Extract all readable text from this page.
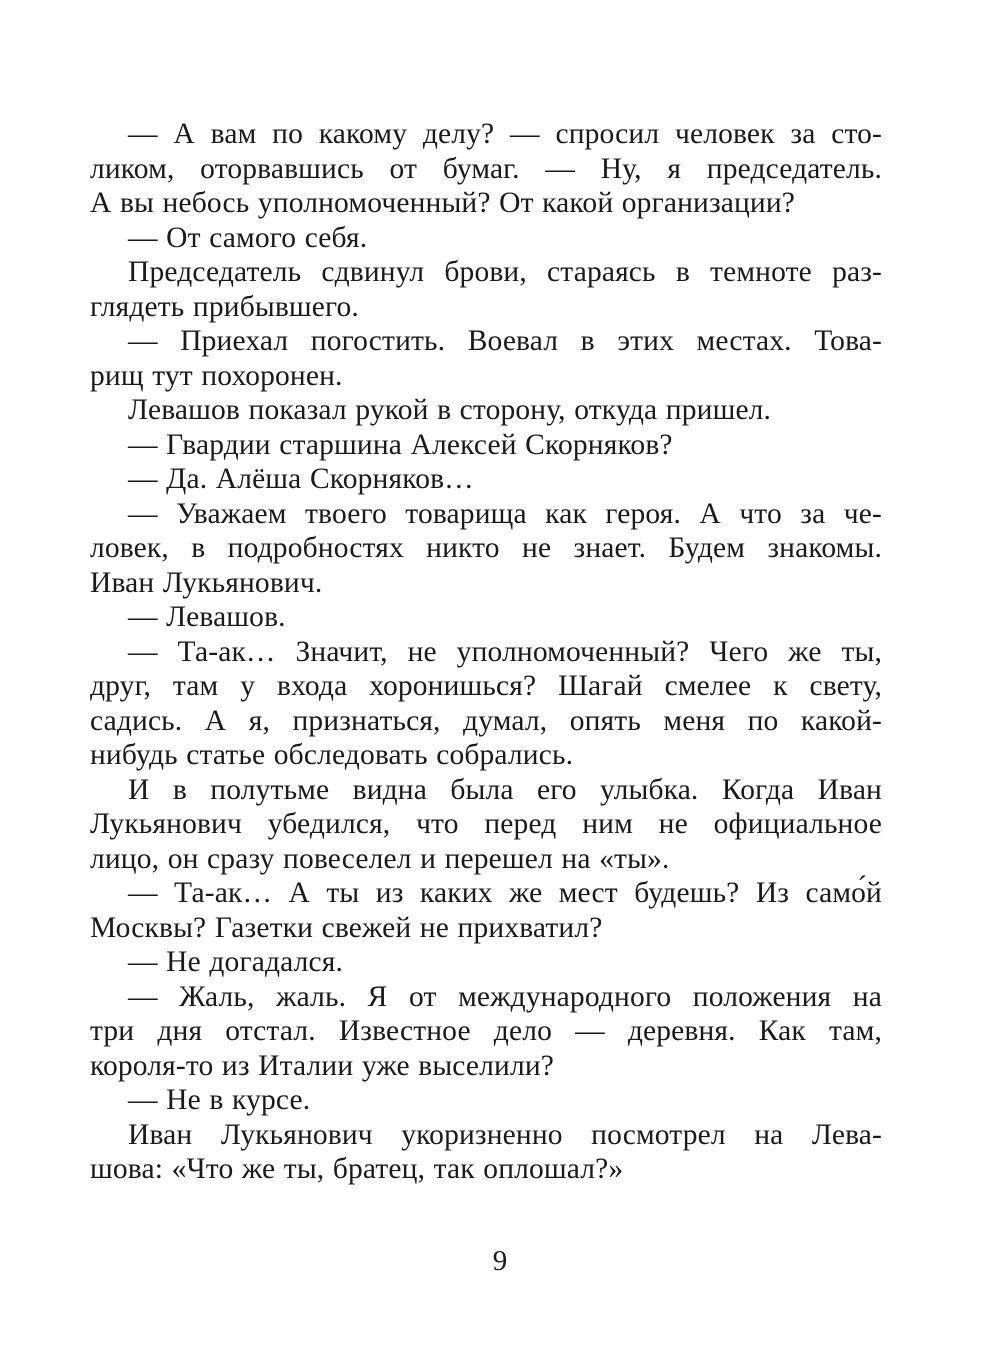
— А вам по какому делу? — спросил человек за сто-
ликом, оторвавшись от бумаг. — Ну, я председатель.
А вы небось уполномоченный? От какой организации?
— От самого себя.
Председатель сдвинул брови, стараясь в темноте раз-
глядеть прибывшего.
— Приехал погостить. Воевал в этих местах. Това-
рищ тут похоронен.
Левашов показал рукой в сторону, откуда пришел.
— Гвардии старшина Алексей Скорняков?
— Да. Алёша Скорняков…
— Уважаем твоего товарища как героя. А что за че-
ловек, в подробностях никто не знает. Будем знакомы.
Иван Лукьянович.
— Левашов.
— Та-ак… Значит, не уполномоченный? Чего же ты,
друг, там у входа хоронишься? Шагай смелее к свету,
садись. А я, признаться, думал, опять меня по какой-
нибудь статье обследовать собрались.
И в полутьме видна была его улыбка. Когда Иван
Лукьянович убедился, что перед ним не официальное
лицо, он сразу повеселел и перешел на «ты».
— Та-ак… А ты из каких же мест будешь? Из само́й
Москвы? Газетки свежей не прихватил?
— Не догадался.
— Жаль, жаль. Я от международного положения на
три дня отстал. Известное дело — деревня. Как там,
короля-то из Италии уже выселили?
— Не в курсе.
Иван Лукьянович укоризненно посмотрел на Лева-
шова: «Что же ты, братец, так оплошал?»
9
